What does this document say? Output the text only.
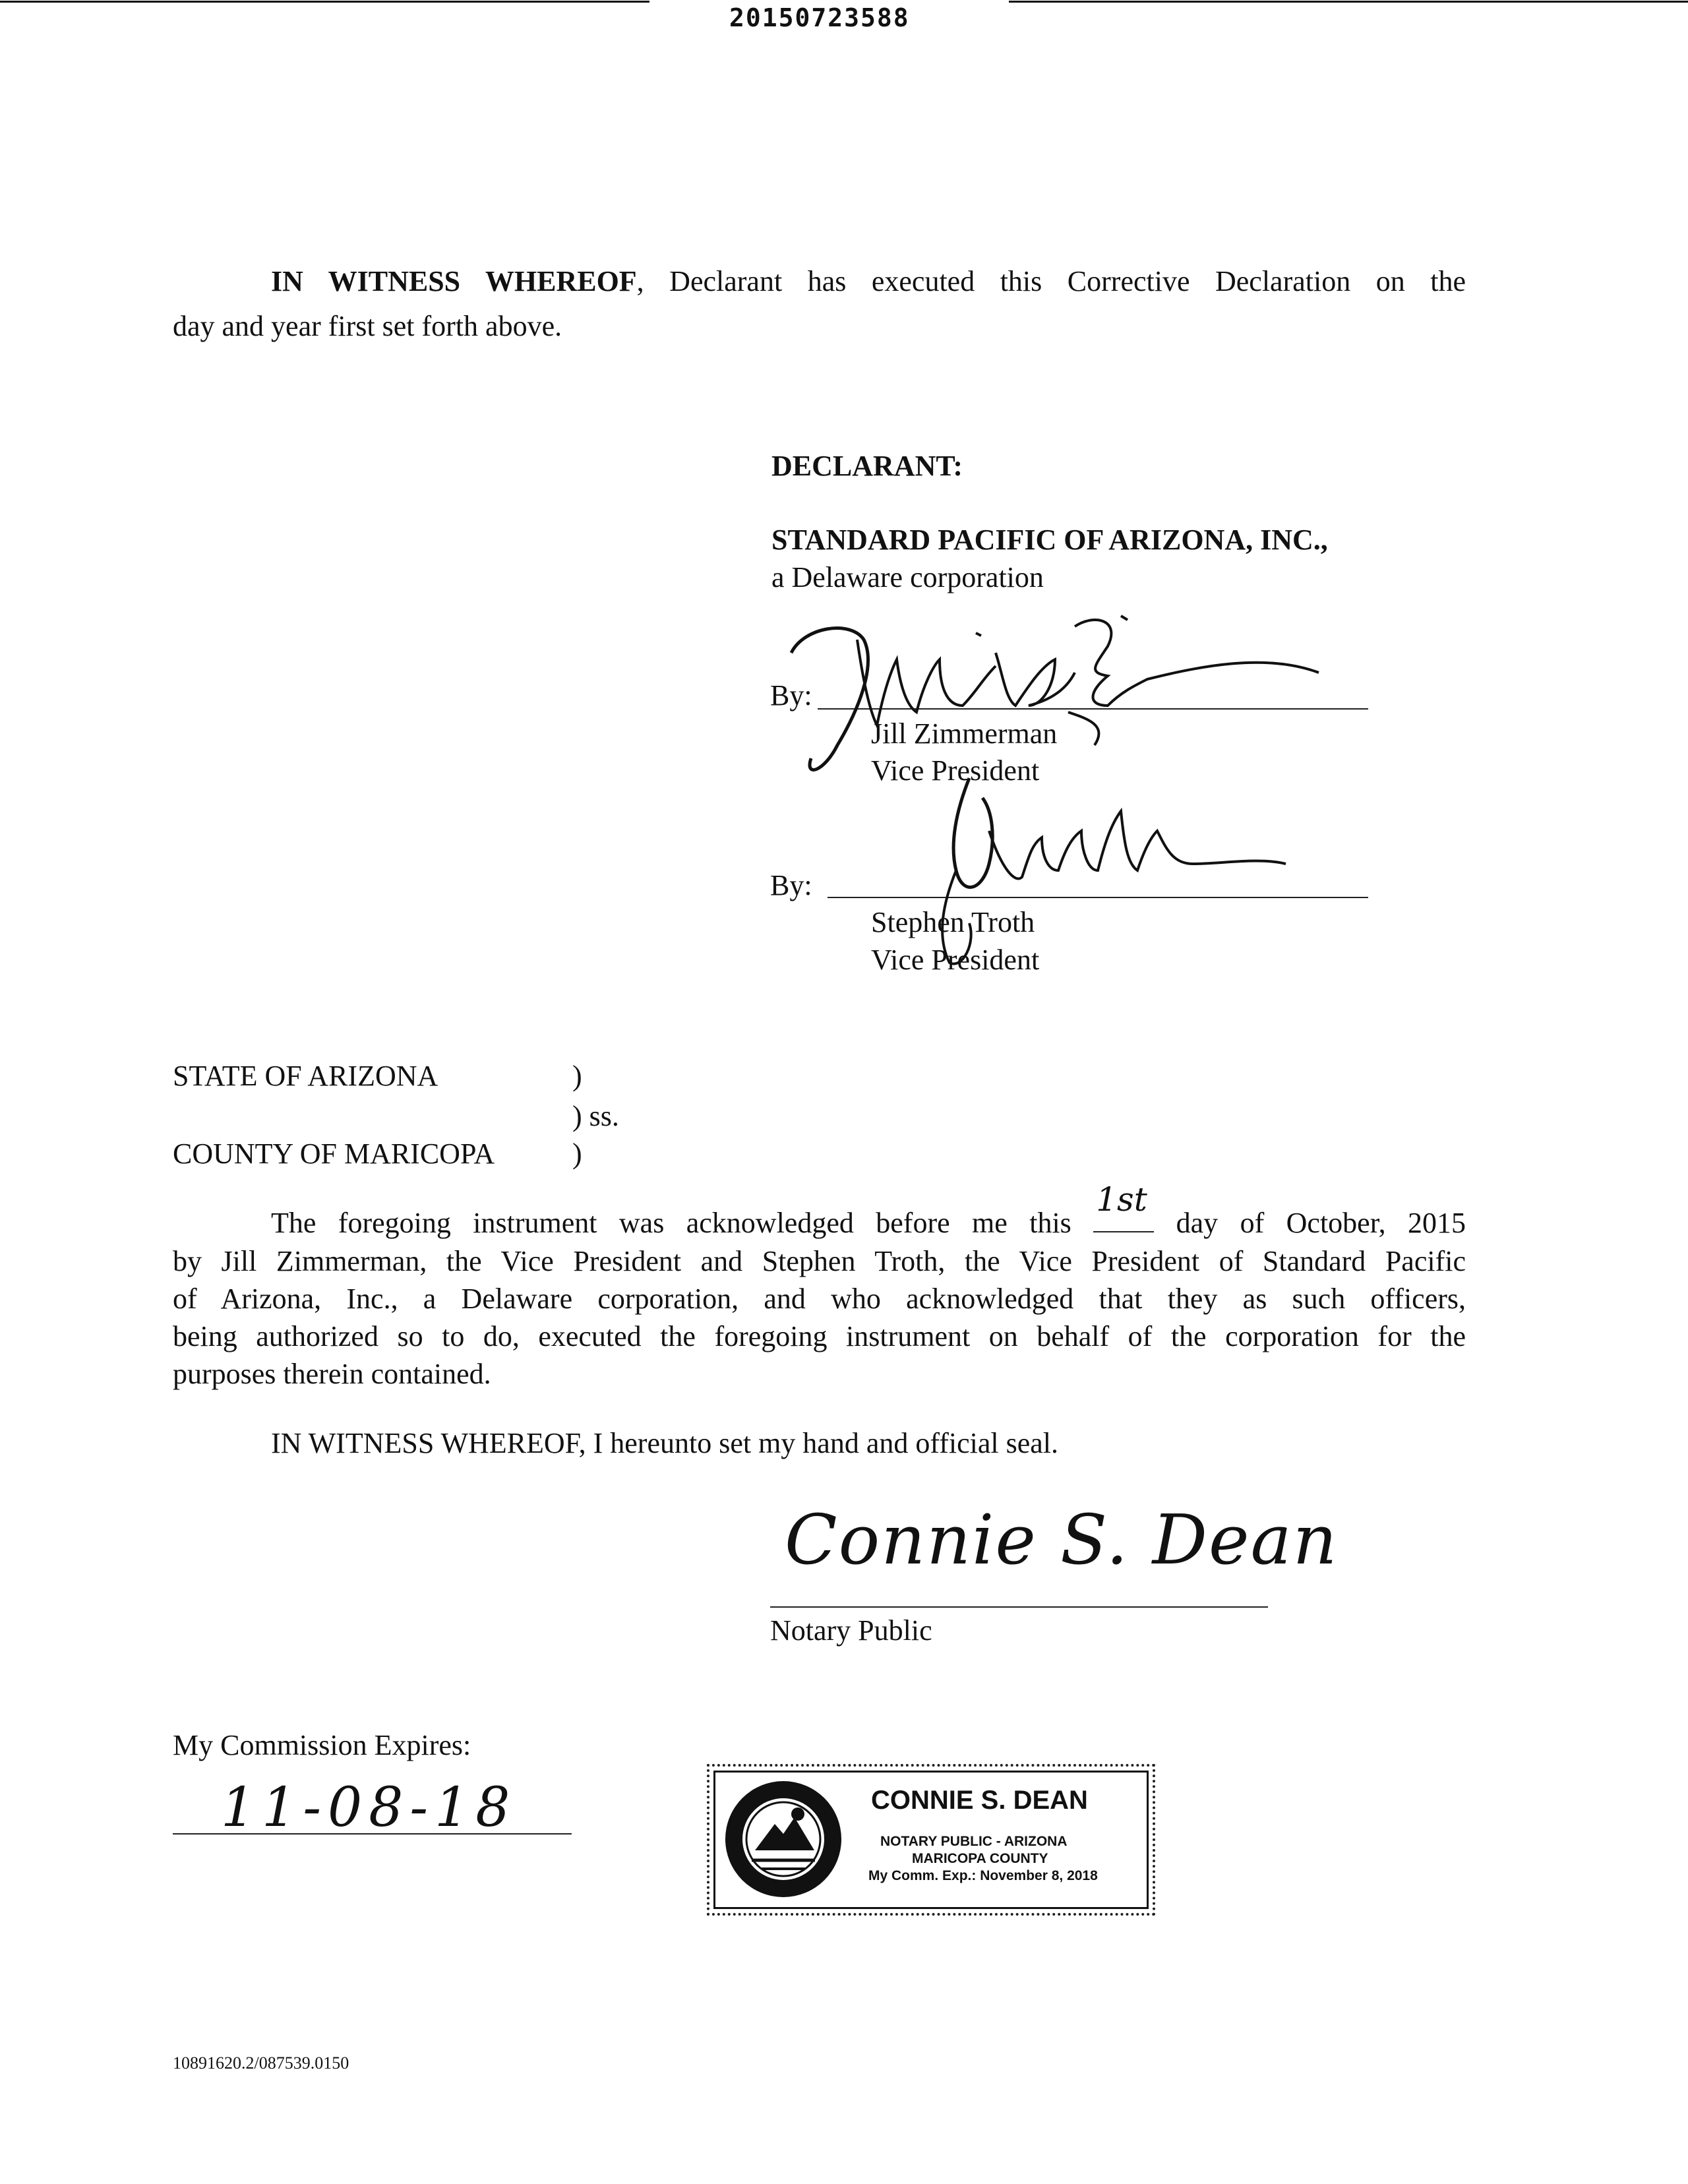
20150723588
IN WITNESS WHEREOF, Declarant has executed this Corrective Declaration on the
day and year first set forth above.
DECLARANT:
STANDARD PACIFIC OF ARIZONA, INC.,
a Delaware corporation
By:
Jill Zimmerman
Vice President
By:
Stephen Troth
Vice President
STATE OF ARIZONA	)
) ss.
COUNTY OF MARICOPA	)
The foregoing instrument was acknowledged before me this
1st
day of October, 2015
by Jill Zimmerman, the Vice President and Stephen Troth, the Vice President of Standard Pacific
of Arizona, Inc., a Delaware corporation, and who acknowledged that they as such officers,
being authorized so to do, executed the foregoing instrument on behalf of the corporation for the
purposes therein contained.
IN WITNESS WHEREOF, I hereunto set my hand and official seal.
Connie S. Dean
Notary Public
My Commission Expires:
11-08-18	CONNIE S. DEAN
NOTARY PUBLIC - ARIZONA
MARICOPA COUNTY
My Comm. Exp.: November 8, 2018
10891620.2/087539.0150
